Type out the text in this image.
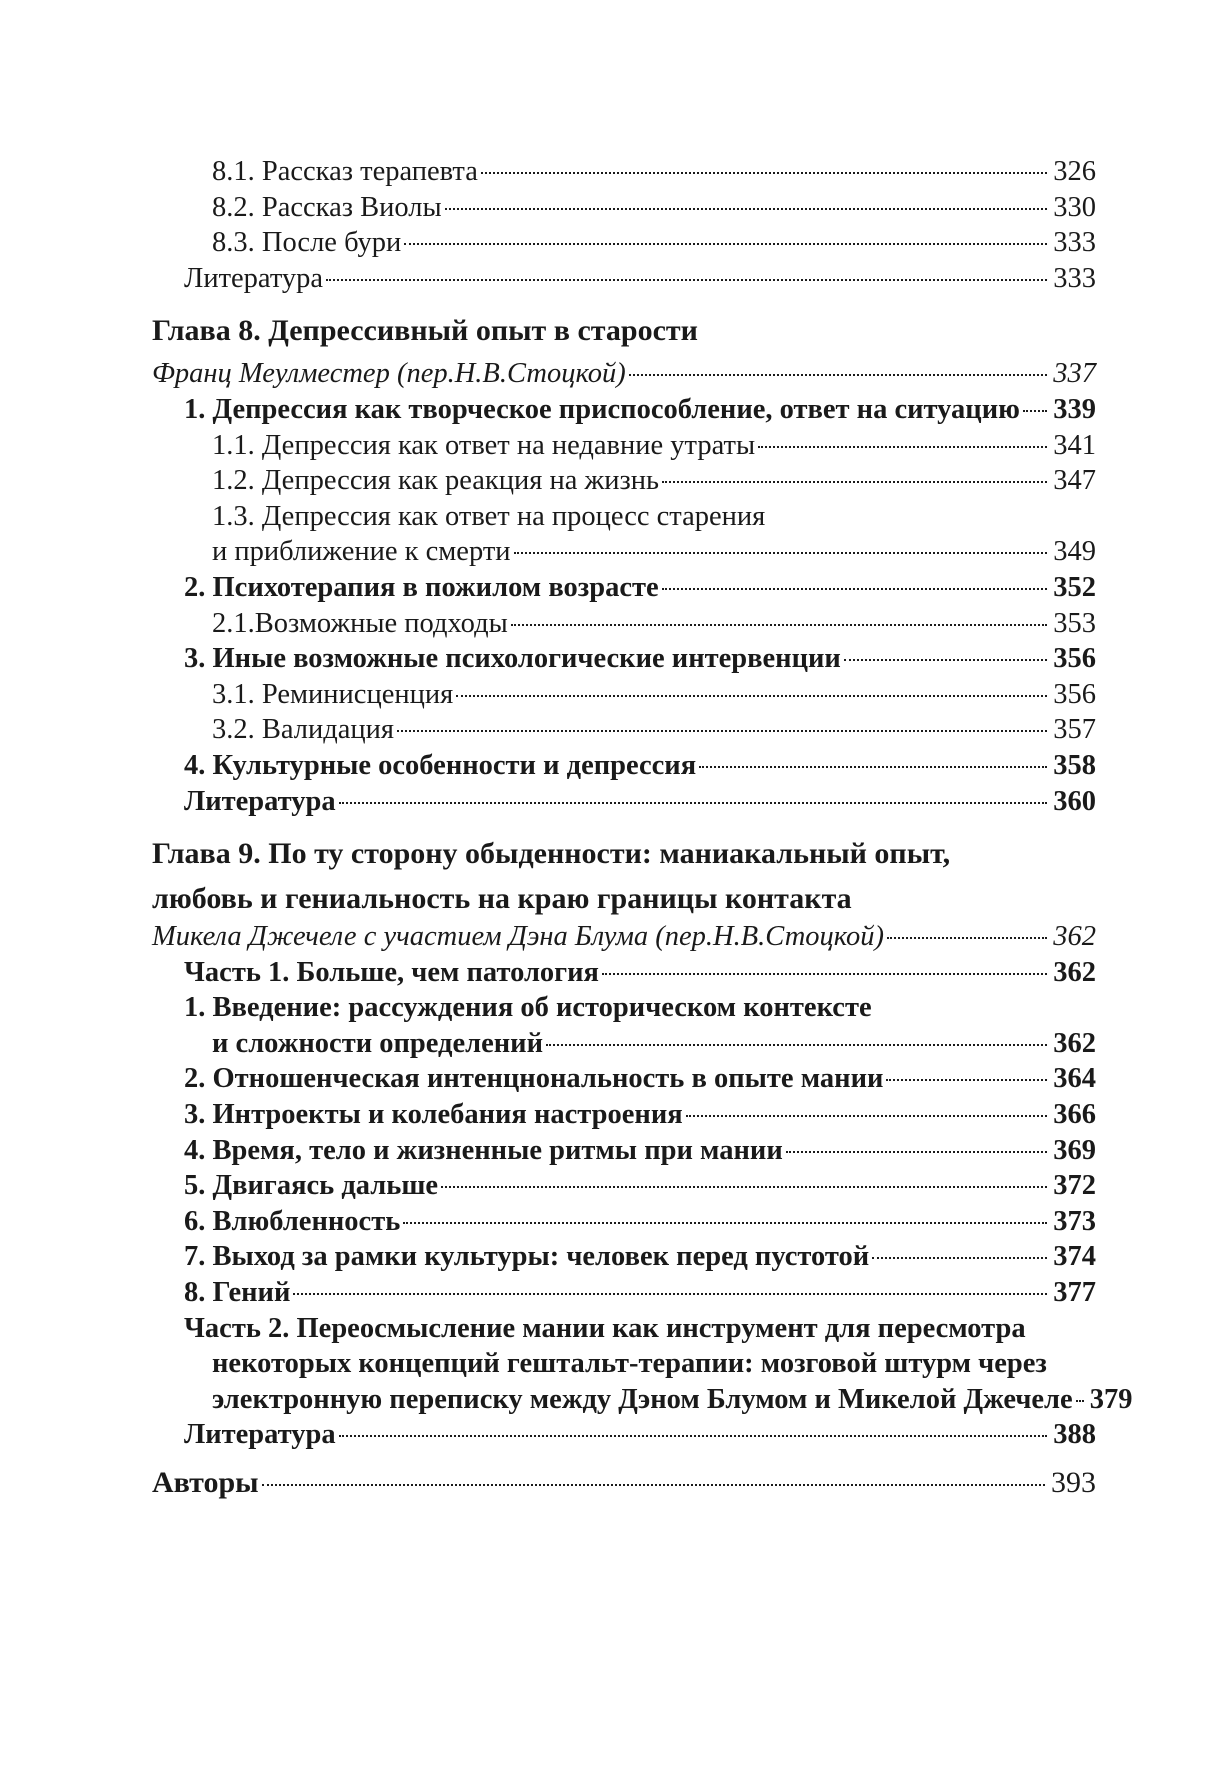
8.1. Рассказ терапевта	326
8.2. Рассказ Виолы	330
8.3. После бури	333
Литература	333
Глава 8. Депрессивный опыт в старости
Франц Меулместер (пер.Н.В.Стоцкой)	337
1. Депрессия как творческое приспособление, ответ на ситуацию 339
1.1. Депрессия как ответ на недавние утраты	341
1.2. Депрессия как реакция на жизнь	347
1.3. Депрессия как ответ на процесс старения
и приближение к смерти	349
2. Психотерапия в пожилом возрасте	352
2.1.Возможные подходы	353
3. Иные возможные психологические интервенции	356
3.1. Реминисценция	356
3.2. Валидация	357
4. Культурные особенности и депрессия	358
Литература	360
Глава 9. По ту сторону обыденности: маниакальный опыт,
любовь и гениальность на краю границы контакта
Микела Джечеле с участием Дэна Блума (пер.Н.В.Стоцкой)	362
Часть 1. Больше, чем патология	362
1. Введение: рассуждения об историческом контексте
и сложности определений	362
2. Отношенческая интенцнональность в опыте мании	364
3. Интроекты и колебания настроения	366
4. Время, тело и жизненные ритмы при мании	369
5. Двигаясь дальше	372
6. Влюбленность	373
7. Выход за рамки культуры: человек перед пустотой	374
8. Гений	377
Часть 2. Переосмысление мании как инструмент для пересмотра
некоторых концепций гештальт-терапии: мозговой штурм через
электронную переписку между Дэном Блумом и Микелой Джечеле 379
Литература	388
Авторы	393
